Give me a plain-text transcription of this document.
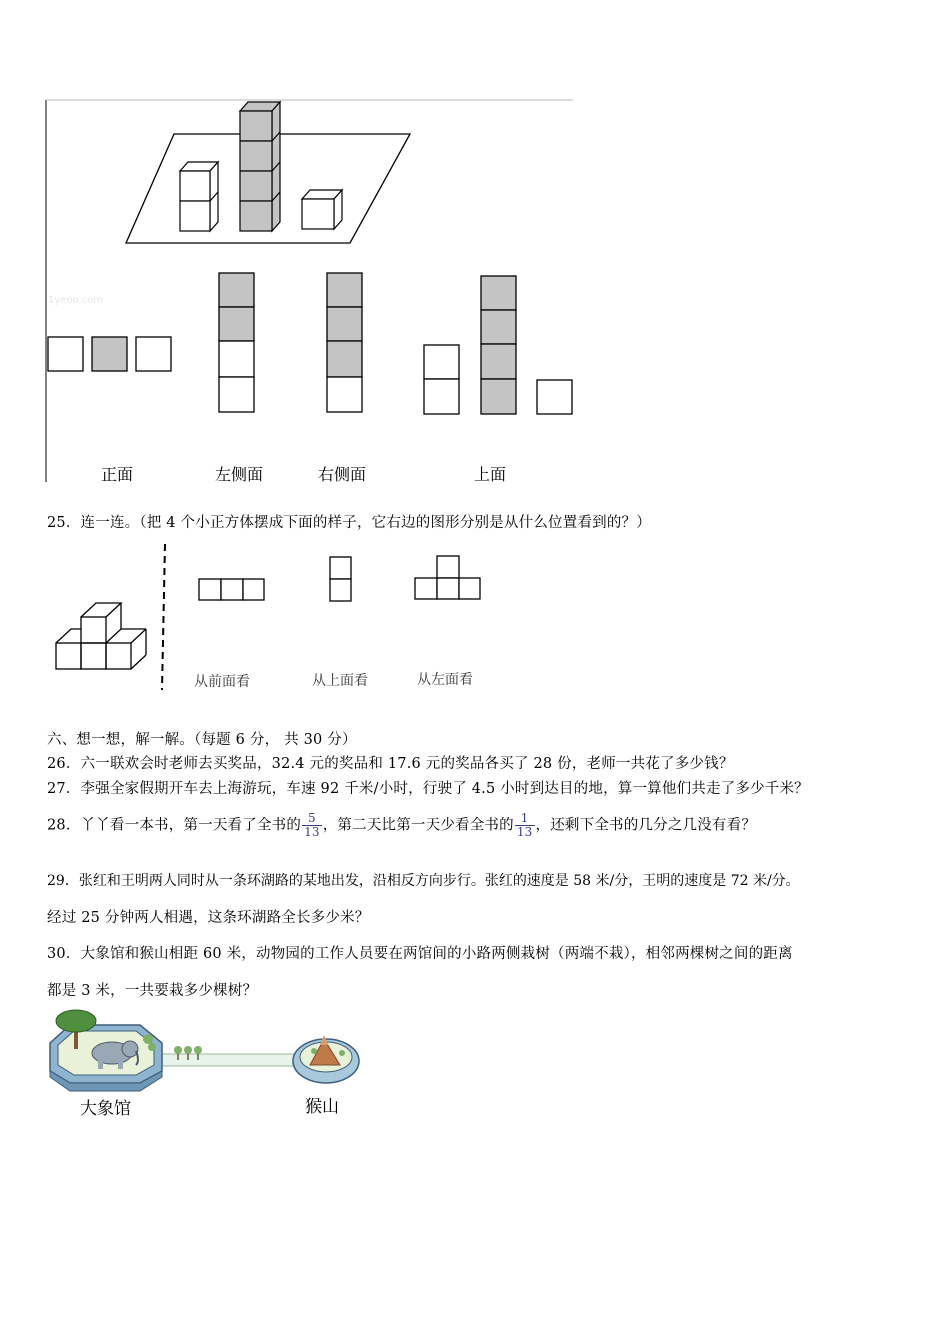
1yeoo.com
正面	左侧面	右侧面	上面
25．连一连。（把 4 个小正方体摆成下面的样子，它右边的图形分别是从什么位置看到的？）
从前面看	从上面看	从左面看
六、想一想，解一解。（每题 6 分， 共 30 分）
26．六一联欢会时老师去买奖品，32.4 元的奖品和 17.6 元的奖品各买了 28 份，老师一共花了多少钱？
27．李强全家假期开车去上海游玩，车速 92 千米/小时，行驶了 4.5 小时到达目的地，算一算他们共走了多少千米？
28．丫丫看一本书，第一天看了全书的 $\frac{5}{13}$ ，第二天比第一天少看全书的 $\frac{1}{13}$ ，还剩下全书的几分之几没有看？
29．张红和王明两人同时从一条环湖路的某地出发，沿相反方向步行。张红的速度是 58 米/分，王明的速度是 72 米/分。
经过 25 分钟两人相遇，这条环湖路全长多少米？
30．大象馆和猴山相距 60 米，动物园的工作人员要在两馆间的小路两侧栽树（两端不栽），相邻两棵树之间的距离
都是 3 米，一共要栽多少棵树？
大象馆	猴山
